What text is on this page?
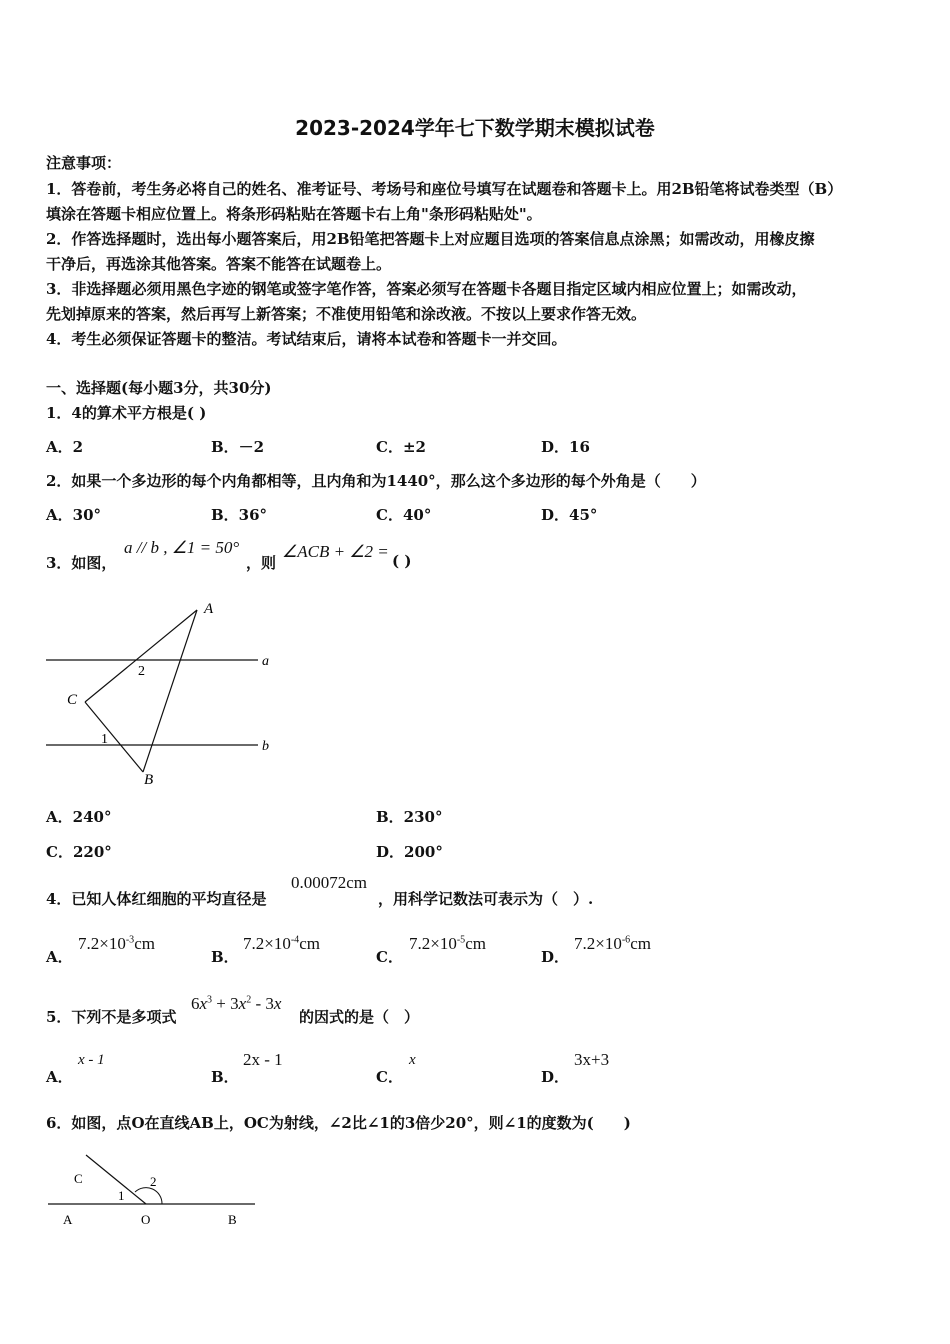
2023-2024学年七下数学期末模拟试卷
注意事项：
1．答卷前，考生务必将自己的姓名、准考证号、考场号和座位号填写在试题卷和答题卡上。用2B铅笔将试卷类型（B）
填涂在答题卡相应位置上。将条形码粘贴在答题卡右上角"条形码粘贴处"。
2．作答选择题时，选出每小题答案后，用2B铅笔把答题卡上对应题目选项的答案信息点涂黑；如需改动，用橡皮擦
干净后，再选涂其他答案。答案不能答在试题卷上。
3．非选择题必须用黑色字迹的钢笔或签字笔作答，答案必须写在答题卡各题目指定区域内相应位置上；如需改动，
先划掉原来的答案，然后再写上新答案；不准使用铅笔和涂改液。不按以上要求作答无效。
4．考生必须保证答题卡的整洁。考试结束后，请将本试卷和答题卡一并交回。
一、选择题(每小题3分，共30分)
1．4的算术平方根是( )
A．2	B．－2	C．±2	D．16
2．如果一个多边形的每个内角都相等，且内角和为1440°，那么这个多边形的每个外角是（　　）
A．30°	B．36°	C．40°	D．45°
3．如图，
a // b , ∠1 = 50°
，则
∠ACB + ∠2 = ( )
A
B
C
a
b
1
2
A．240°	B．230°
C．220°	D．200°
4．已知人体红细胞的平均直径是
0.00072cm
，用科学记数法可表示为（　）.
A．
$7.2\times 10^{-3}cm$
B．
$7.2\times 10^{-4}cm$
C．
$7.2\times 10^{-5}cm$
D．
$7.2\times 10^{-6}cm$
5．下列不是多项式
$6x^3 + 3x^2 - 3x$
的因式的是（　）
A．
x - 1
B．
2x - 1
C．
x
D．
3x+3
6．如图，点O在直线AB上，OC为射线，∠2比∠1的3倍少20°，则∠1的度数为(　　)
C
A	O	B
1
2
